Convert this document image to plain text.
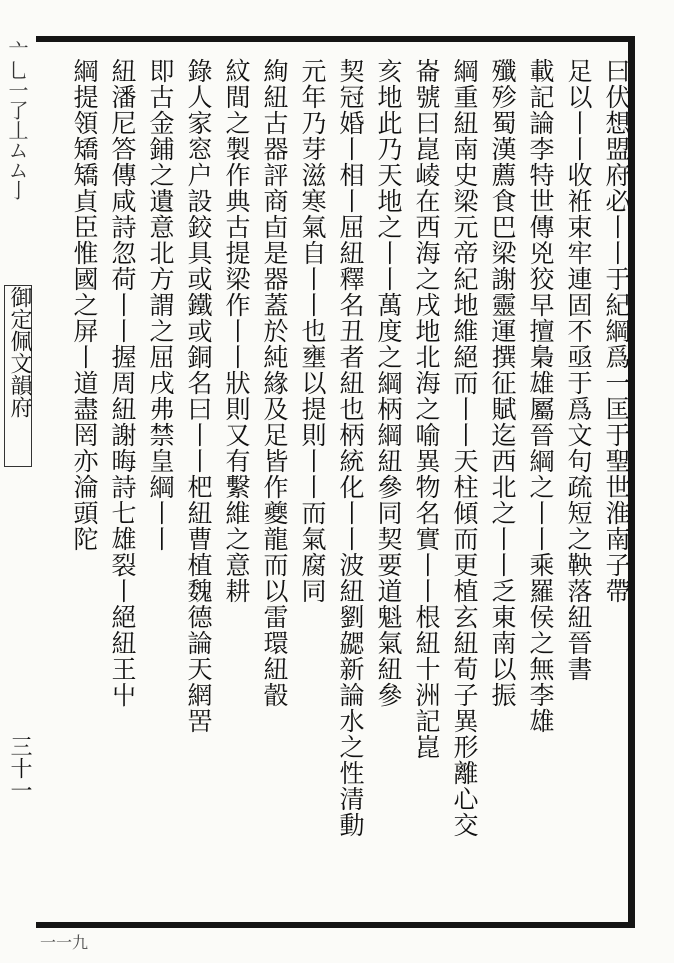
亠乚一了丄ムム亅
御定佩文韻府
三十一
曰伏想盟府必丨丨于紀綱爲一匡于聖世淮南子帶
足以丨丨收袵束牢連固不亟于爲文句疏短之鞅落紐晉書
載記論李特世傳兇狡早擅梟雄屬晉綱之丨丨乘羅侯之無李雄
殲殄蜀漢薦食巴梁謝靈運撰征賦迄西北之丨丨乏東南以振
綱重紐南史梁元帝紀地維絕而丨丨天柱傾而更植玄紐荀子異形離心交
崙號曰崑崚在西海之戌地北海之喻異物名實丨丨根紐十洲記崑
亥地此乃天地之丨丨萬度之綱柄綱紐參同契要道魁氣紐參
契冠婚丨相丨屈紐釋名丑者紐也柄統化丨丨波紐劉勰新論水之性清動
元年乃芽滋寒氣自丨丨也壅以提則丨丨而氣腐同
絢紐古器評商卣是器蓋於純緣及足皆作夔龍而以雷環紐瞉
紋間之製作典古提梁作丨丨狀則又有繫維之意耕
錄人家窓户設鉸具或鐵或銅名曰丨丨杷紐曹植魏德論天網罟
即古金鋪之遺意北方謂之屈戌弗禁皇綱丨丨
紐潘尼答傳咸詩忽荷丨丨握周紐謝晦詩七雄裂丨絕紐王屮
綱提領矯矯貞臣惟國之屏丨道盡罔亦淪頭陀
一一九
